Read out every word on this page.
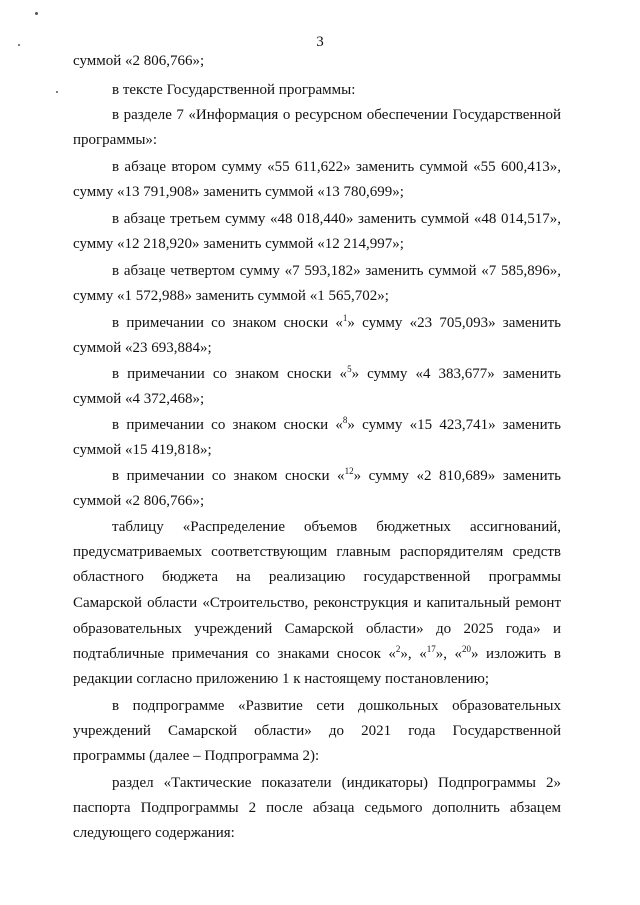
3
суммой «2 806,766»;
в тексте Государственной программы:
в разделе 7 «Информация о ресурсном обеспечении Государственной
программы»:
в абзаце втором сумму «55 611,622» заменить суммой «55 600,413»,
сумму «13 791,908» заменить суммой «13 780,699»;
в абзаце третьем сумму «48 018,440» заменить суммой «48 014,517»,
сумму «12 218,920» заменить суммой «12 214,997»;
в абзаце четвертом сумму «7 593,182» заменить суммой «7 585,896»,
сумму «1 572,988» заменить суммой «1 565,702»;
в примечании со знаком сноски «$^1$» сумму «23 705,093» заменить
суммой «23 693,884»;
в примечании со знаком сноски «$^5$» сумму «4 383,677» заменить
суммой «4 372,468»;
в примечании со знаком сноски «$^8$» сумму «15 423,741» заменить
суммой «15 419,818»;
в примечании со знаком сноски «$^{12}$» сумму «2 810,689» заменить
суммой «2 806,766»;
таблицу «Распределение объемов бюджетных ассигнований,
предусматриваемых соответствующим главным распорядителям средств
областного бюджета на реализацию государственной программы
Самарской области «Строительство, реконструкция и капитальный ремонт
образовательных учреждений Самарской области» до 2025 года» и
подтабличные примечания со знаками сносок «$^2$», «$^{17}$», «$^{20}$» изложить в
редакции согласно приложению 1 к настоящему постановлению;
в подпрограмме «Развитие сети дошкольных образовательных
учреждений Самарской области» до 2021 года Государственной
программы (далее – Подпрограмма 2):
раздел «Тактические показатели (индикаторы) Подпрограммы 2»
паспорта Подпрограммы 2 после абзаца седьмого дополнить абзацем
следующего содержания:
